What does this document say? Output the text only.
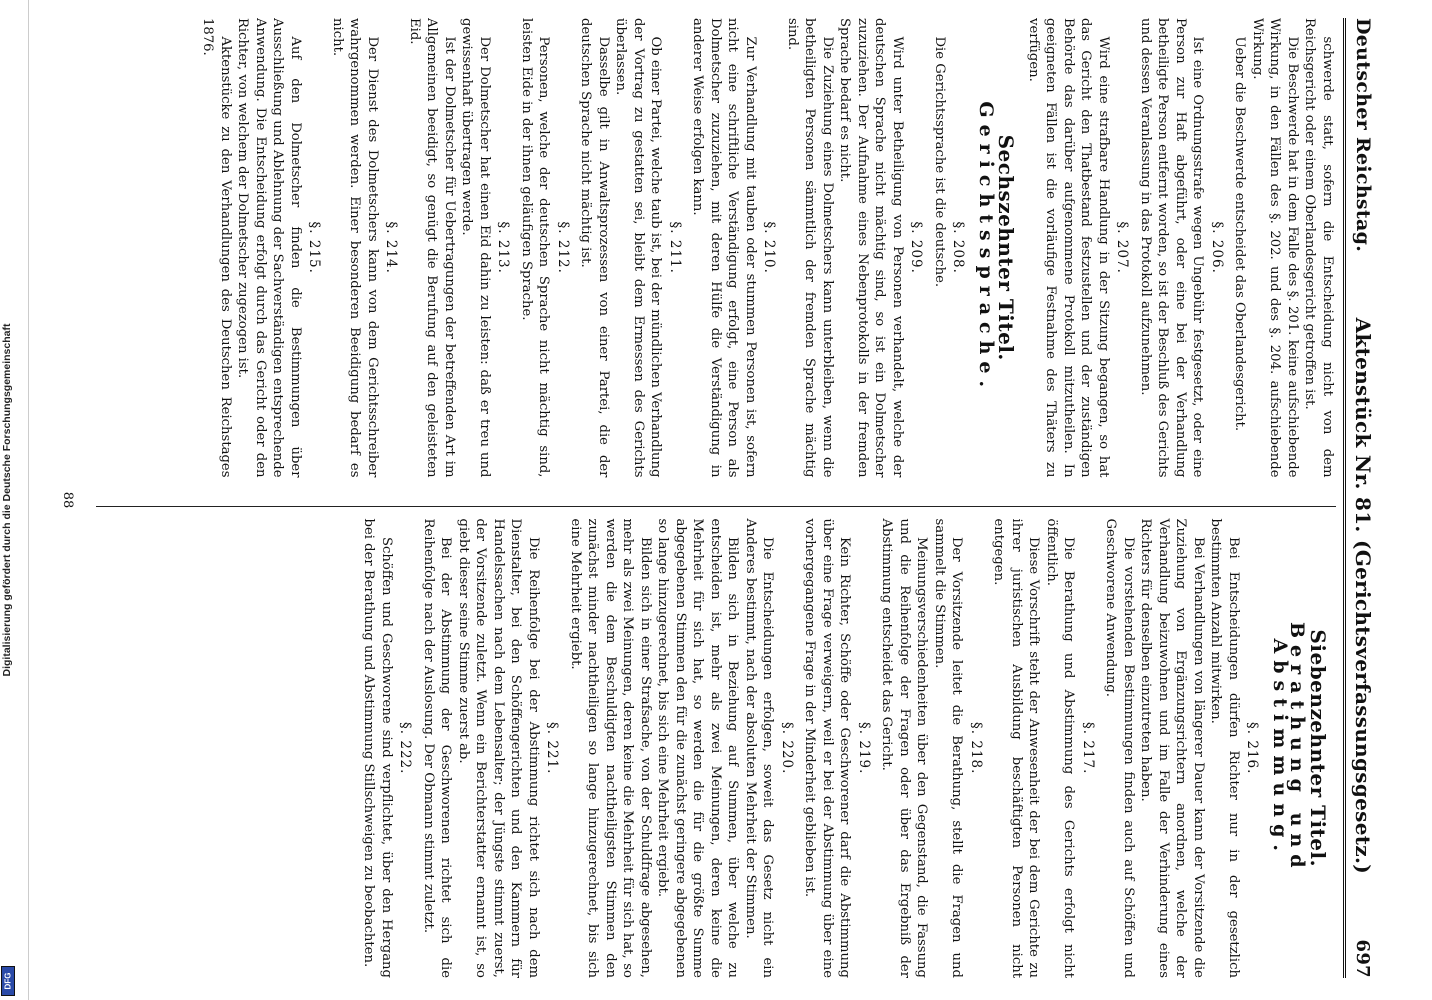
Digitalisierung gefördert durch die Deutsche Forschungsgemeinschaft
DFG
Deutscher Reichstag.
Aktenstück Nr. 81. (Gerichtsverfassungsgesetz.)
697

schwerde statt, sofern die Entscheidung nicht von dem Reichsgericht oder einem Oberlandesgericht getroffen ist.

Die Beschwerde hat in dem Falle des §. 201. keine aufschiebende Wirkung, in den Fällen des §. 202. und des §. 204. aufschiebende Wirkung.

Ueber die Beschwerde entscheidet das Oberlandesgericht.

§. 206.

Ist eine Ordnungsstrafe wegen Ungebühr festgesetzt, oder eine Person zur Haft abgeführt, oder eine bei der Verhandlung betheiligte Person entfernt worden, so ist der Beschluß des Gerichts und dessen Veranlassung in das Protokoll aufzunehmen.

§. 207.

Wird eine strafbare Handlung in der Sitzung begangen, so hat das Gericht den Thatbestand festzustellen und der zuständigen Behörde das darüber aufgenommene Protokoll mitzutheilen. In geeigneten Fällen ist die vorläufige Festnahme des Thäters zu verfügen.

Sechszehnter Titel.
Gerichtssprache.
§. 208.

Die Gerichtssprache ist die deutsche.

§. 209.

Wird unter Betheiligung von Personen verhandelt, welche der deutschen Sprache nicht mächtig sind, so ist ein Dolmetscher zuzuziehen. Der Aufnahme eines Nebenprotokolls in der fremden Sprache bedarf es nicht.

Die Zuziehung eines Dolmetschers kann unterbleiben, wenn die betheiligten Personen sämmtlich der fremden Sprache mächtig sind.

§. 210.

Zur Verhandlung mit tauben oder stummen Personen ist, sofern nicht eine schriftliche Verständigung erfolgt, eine Person als Dolmetscher zuzuziehen, mit deren Hülfe die Verständigung in anderer Weise erfolgen kann.

§. 211.

Ob einer Partei, welche taub ist, bei der mündlichen Verhandlung der Vortrag zu gestatten sei, bleibt dem Ermessen des Gerichts überlassen.

Dasselbe gilt in Anwaltsprozessen von einer Partei, die der deutschen Sprache nicht mächtig ist.

§. 212.

Personen, welche der deutschen Sprache nicht mächtig sind, leisten Eide in der ihnen geläufigen Sprache.

§. 213.

Der Dolmetscher hat einen Eid dahin zu leisten: daß er treu und gewissenhaft übertragen werde.

Ist der Dolmetscher für Uebertragungen der betreffenden Art im Allgemeinen beeidigt, so genügt die Berufung auf den geleisteten Eid.

§. 214.

Der Dienst des Dolmetschers kann von dem Gerichtsschreiber wahrgenommen werden. Einer besonderen Beeidigung bedarf es nicht.

§. 215.

Auf den Dolmetscher finden die Bestimmungen über Ausschließung und Ablehnung der Sachverständigen entsprechende Anwendung. Die Entscheidung erfolgt durch das Gericht oder den Richter, von welchem der Dolmetscher zugezogen ist.

Aktenstücke zu den Verhandlungen des Deutschen Reichstages 1876.

Siebenzehnter Titel.
Berathung und Abstimmung.
§. 216.

Bei Entscheidungen dürfen Richter nur in der gesetzlich bestimmten Anzahl mitwirken.

Bei Verhandlungen von längerer Dauer kann der Vorsitzende die Zuziehung von Ergänzungsrichtern anordnen, welche der Verhandlung beizuwohnen und im Falle der Verhinderung eines Richters für denselben einzutreten haben.

Die vorstehenden Bestimmungen finden auch auf Schöffen und Geschworene Anwendung.

§. 217.

Die Berathung und Abstimmung des Gerichts erfolgt nicht öffentlich.

Diese Vorschrift steht der Anwesenheit der bei dem Gerichte zu ihrer juristischen Ausbildung beschäftigten Personen nicht entgegen.

§. 218.

Der Vorsitzende leitet die Berathung, stellt die Fragen und sammelt die Stimmen.

Meinungsverschiedenheiten über den Gegenstand, die Fassung und die Reihenfolge der Fragen oder über das Ergebniß der Abstimmung entscheidet das Gericht.

§. 219.

Kein Richter, Schöffe oder Geschworener darf die Abstimmung über eine Frage verweigern, weil er bei der Abstimmung über eine vorhergegangene Frage in der Minderheit geblieben ist.

§. 220.

Die Entscheidungen erfolgen, soweit das Gesetz nicht ein Anderes bestimmt, nach der absoluten Mehrheit der Stimmen.

Bilden sich in Beziehung auf Summen, über welche zu entscheiden ist, mehr als zwei Meinungen, deren keine die Mehrheit für sich hat, so werden die für die größte Summe abgegebenen Stimmen den für die zunächst geringere abgegebenen so lange hinzugerechnet, bis sich eine Mehrheit ergiebt.

Bilden sich in einer Strafsache, von der Schuldfrage abgesehen, mehr als zwei Meinungen, deren keine die Mehrheit für sich hat, so werden die dem Beschuldigten nachtheiligsten Stimmen den zunächst minder nachtheiligen so lange hinzugerechnet, bis sich eine Mehrheit ergiebt.

§. 221.

Die Reihenfolge bei der Abstimmung richtet sich nach dem Dienstalter, bei den Schöffengerichten und den Kammern für Handelssachen nach dem Lebensalter; der Jüngste stimmt zuerst, der Vorsitzende zuletzt. Wenn ein Berichterstatter ernannt ist, so giebt dieser seine Stimme zuerst ab.

Bei der Abstimmung der Geschworenen richtet sich die Reihenfolge nach der Auslosung. Der Obmann stimmt zuletzt.

§. 222.

Schöffen und Geschworene sind verpflichtet, über den Hergang bei der Berathung und Abstimmung Stillschweigen zu beobachten.

88
